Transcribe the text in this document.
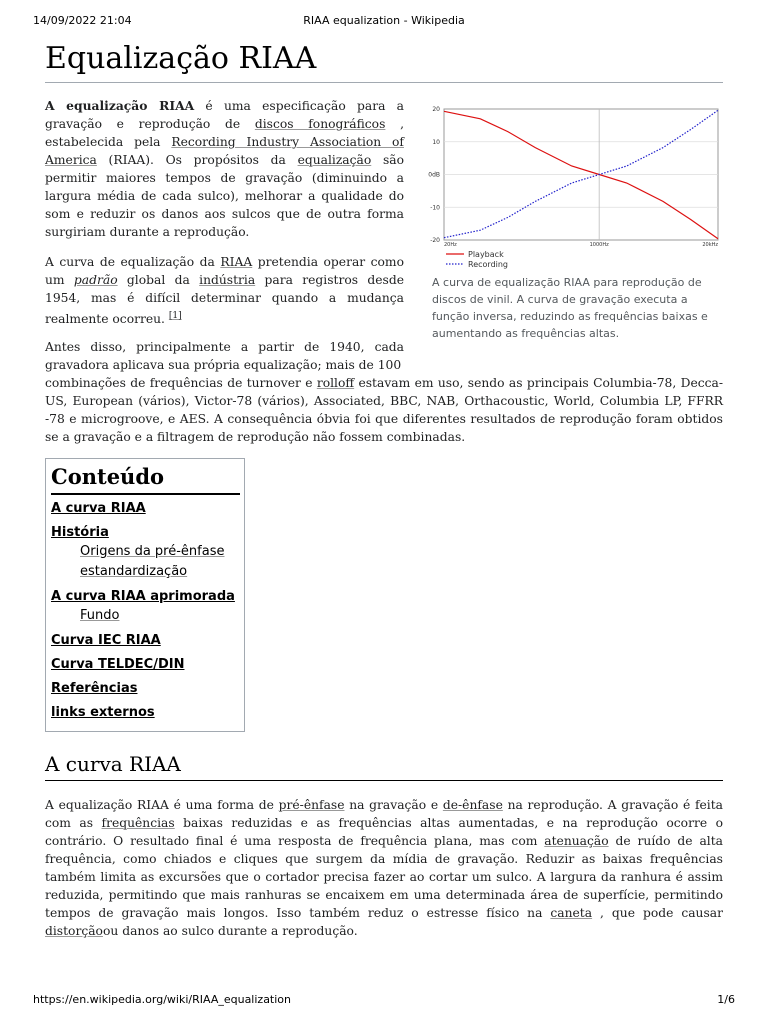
14/09/2022 21:04	RIAA equalization - Wikipedia
Equalização RIAA

A equalização RIAA é uma especificação para a gravação e reprodução de discos fonográficos , estabelecida pela Recording Industry Association of America (RIAA). Os propósitos da equalização são permitir maiores tempos de gravação (diminuindo a largura média de cada sulco), melhorar a qualidade do som e reduzir os danos aos sulcos que de outra forma surgiriam durante a reprodução.

A curva de equalização da RIAA pretendia operar como um padrão global da indústria para registros desde 1954, mas é difícil determinar quando a mudança realmente ocorreu. [1]

Antes disso, principalmente a partir de 1940, cada gravadora aplicava sua própria equalização; mais de 100

combinações de frequências de turnover e rolloff estavam em uso, sendo as principais Columbia-78, Decca-US, European (vários), Victor-78 (vários), Associated, BBC, NAB, Orthacoustic, World, Columbia LP, FFRR -78 e microgroove, e AES. A consequência óbvia foi que diferentes resultados de reprodução foram obtidos se a gravação e a filtragem de reprodução não fossem combinadas.

20
10
0dB
-10
-20
20Hz	1000Hz	20kHz
Playback
Recording
A curva de equalização RIAA para reprodução de discos de vinil. A curva de gravação executa a função inversa, reduzindo as frequências baixas e aumentando as frequências altas.
Conteúdo
A curva RIAA
História
Origens da pré-ênfase
estandardização
A curva RIAA aprimorada
Fundo
Curva IEC RIAA
Curva TELDEC/DIN
Referências
links externos
A curva RIAA

A equalização RIAA é uma forma de pré-ênfase na gravação e de-ênfase na reprodução. A gravação é feita com as frequências baixas reduzidas e as frequências altas aumentadas, e na reprodução ocorre o contrário. O resultado final é uma resposta de frequência plana, mas com atenuação de ruído de alta frequência, como chiados e cliques que surgem da mídia de gravação. Reduzir as baixas frequências também limita as excursões que o cortador precisa fazer ao cortar um sulco. A largura da ranhura é assim reduzida, permitindo que mais ranhuras se encaixem em uma determinada área de superfície, permitindo tempos de gravação mais longos. Isso também reduz o estresse físico na caneta , que pode causar distorçãoou danos ao sulco durante a reprodução.

https://en.wikipedia.org/wiki/RIAA_equalization	1/6
